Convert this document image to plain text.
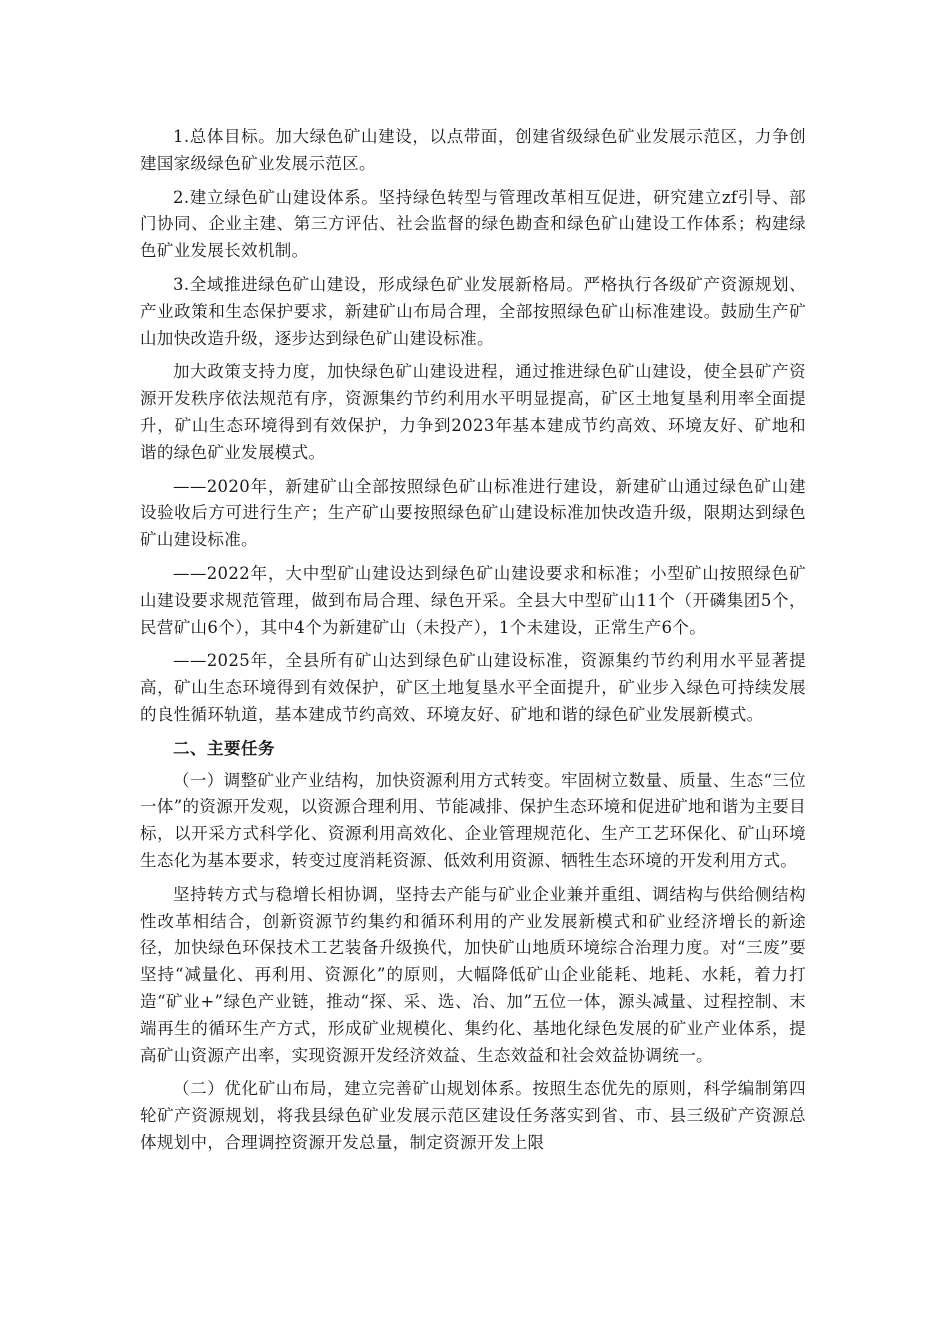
1.总体目标。加大绿色矿山建设，以点带面，创建省级绿色矿业发展示范区，力争创建国家级绿色矿业发展示范区。

2.建立绿色矿山建设体系。坚持绿色转型与管理改革相互促进，研究建立zf引导、部门协同、企业主建、第三方评估、社会监督的绿色勘查和绿色矿山建设工作体系；构建绿色矿业发展长效机制。

3.全域推进绿色矿山建设，形成绿色矿业发展新格局。严格执行各级矿产资源规划、产业政策和生态保护要求，新建矿山布局合理，全部按照绿色矿山标准建设。鼓励生产矿山加快改造升级，逐步达到绿色矿山建设标准。

加大政策支持力度，加快绿色矿山建设进程，通过推进绿色矿山建设，使全县矿产资源开发秩序依法规范有序，资源集约节约利用水平明显提高，矿区土地复垦利用率全面提升，矿山生态环境得到有效保护，力争到2023年基本建成节约高效、环境友好、矿地和谐的绿色矿业发展模式。

——2020年，新建矿山全部按照绿色矿山标准进行建设，新建矿山通过绿色矿山建设验收后方可进行生产；生产矿山要按照绿色矿山建设标准加快改造升级，限期达到绿色矿山建设标准。

——2022年，大中型矿山建设达到绿色矿山建设要求和标准；小型矿山按照绿色矿山建设要求规范管理，做到布局合理、绿色开采。全县大中型矿山11个（开磷集团5个，民营矿山6个），其中4个为新建矿山（未投产），1个未建设，正常生产6个。

——2025年，全县所有矿山达到绿色矿山建设标准，资源集约节约利用水平显著提高，矿山生态环境得到有效保护，矿区土地复垦水平全面提升，矿业步入绿色可持续发展的良性循环轨道，基本建成节约高效、环境友好、矿地和谐的绿色矿业发展新模式。

二、主要任务

（一）调整矿业产业结构，加快资源利用方式转变。牢固树立数量、质量、生态“三位一体”的资源开发观，以资源合理利用、节能减排、保护生态环境和促进矿地和谐为主要目标，以开采方式科学化、资源利用高效化、企业管理规范化、生产工艺环保化、矿山环境生态化为基本要求，转变过度消耗资源、低效利用资源、牺牲生态环境的开发利用方式。

坚持转方式与稳增长相协调，坚持去产能与矿业企业兼并重组、调结构与供给侧结构性改革相结合，创新资源节约集约和循环利用的产业发展新模式和矿业经济增长的新途径，加快绿色环保技术工艺装备升级换代，加快矿山地质环境综合治理力度。对“三废”要坚持“减量化、再利用、资源化”的原则，大幅降低矿山企业能耗、地耗、水耗，着力打造“矿业+”绿色产业链，推动“探、采、选、冶、加”五位一体，源头减量、过程控制、末端再生的循环生产方式，形成矿业规模化、集约化、基地化绿色发展的矿业产业体系，提高矿山资源产出率，实现资源开发经济效益、生态效益和社会效益协调统一。

（二）优化矿山布局，建立完善矿山规划体系。按照生态优先的原则，科学编制第四轮矿产资源规划，将我县绿色矿业发展示范区建设任务落实到省、市、县三级矿产资源总体规划中，合理调控资源开发总量，制定资源开发上限
